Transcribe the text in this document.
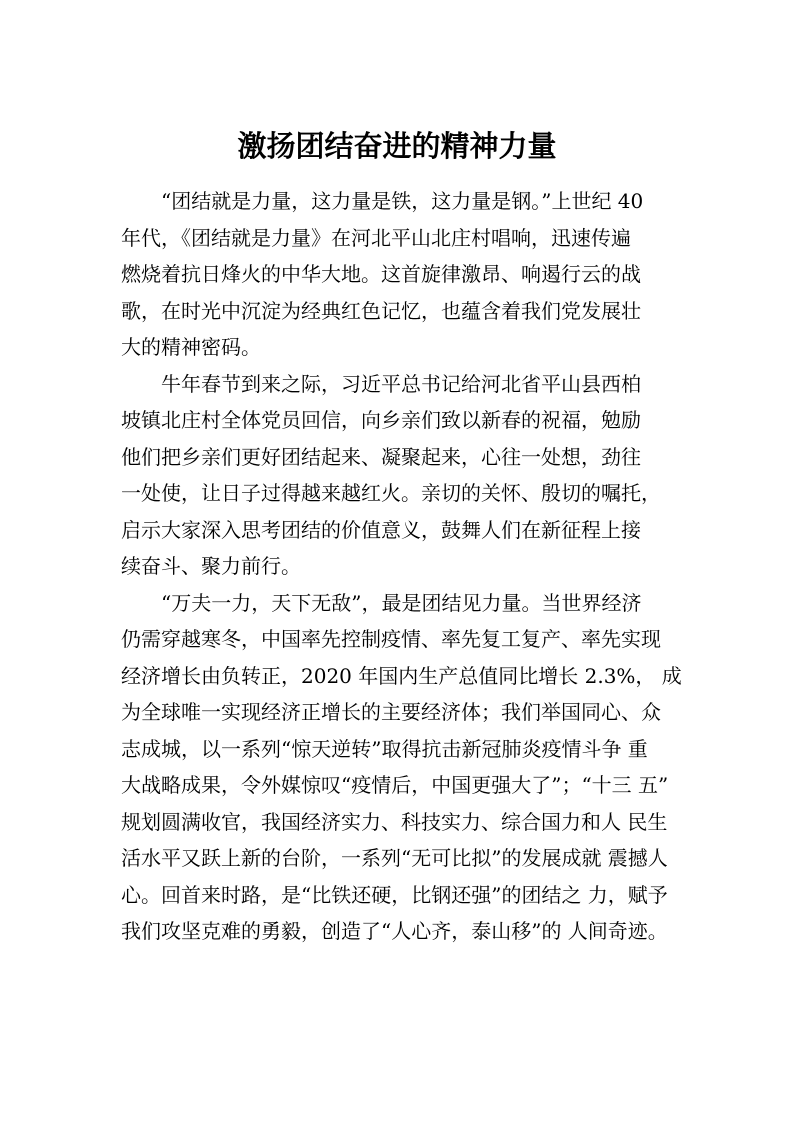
激扬团结奋进的精神力量

“团结就是力量，这力量是铁，这力量是钢。”上世纪 40
年代，《团结就是力量》在河北平山北庄村唱响，迅速传遍
燃烧着抗日烽火的中华大地。这首旋律激昂、响遏行云的战
歌，在时光中沉淀为经典红色记忆，也蕴含着我们党发展壮
大的精神密码。

牛年春节到来之际，习近平总书记给河北省平山县西柏
坡镇北庄村全体党员回信，向乡亲们致以新春的祝福，勉励
他们把乡亲们更好团结起来、凝聚起来，心往一处想，劲往
一处使，让日子过得越来越红火。亲切的关怀、殷切的嘱托，
启示大家深入思考团结的价值意义，鼓舞人们在新征程上接
续奋斗、聚力前行。

“万夫一力，天下无敌”，最是团结见力量。当世界经济
仍需穿越寒冬，中国率先控制疫情、率先复工复产、率先实现
经济增长由负转正，2020 年国内生产总值同比增长 2.3%， 成
为全球唯一实现经济正增长的主要经济体；我们举国同心、众
志成城，以一系列“惊天逆转”取得抗击新冠肺炎疫情斗争 重
大战略成果，令外媒惊叹“疫情后，中国更强大了”；“十三 五”
规划圆满收官，我国经济实力、科技实力、综合国力和人 民生
活水平又跃上新的台阶，一系列“无可比拟”的发展成就 震撼人
心。回首来时路，是“比铁还硬，比钢还强”的团结之 力，赋予
我们攻坚克难的勇毅，创造了“人心齐，泰山移”的 人间奇迹。
